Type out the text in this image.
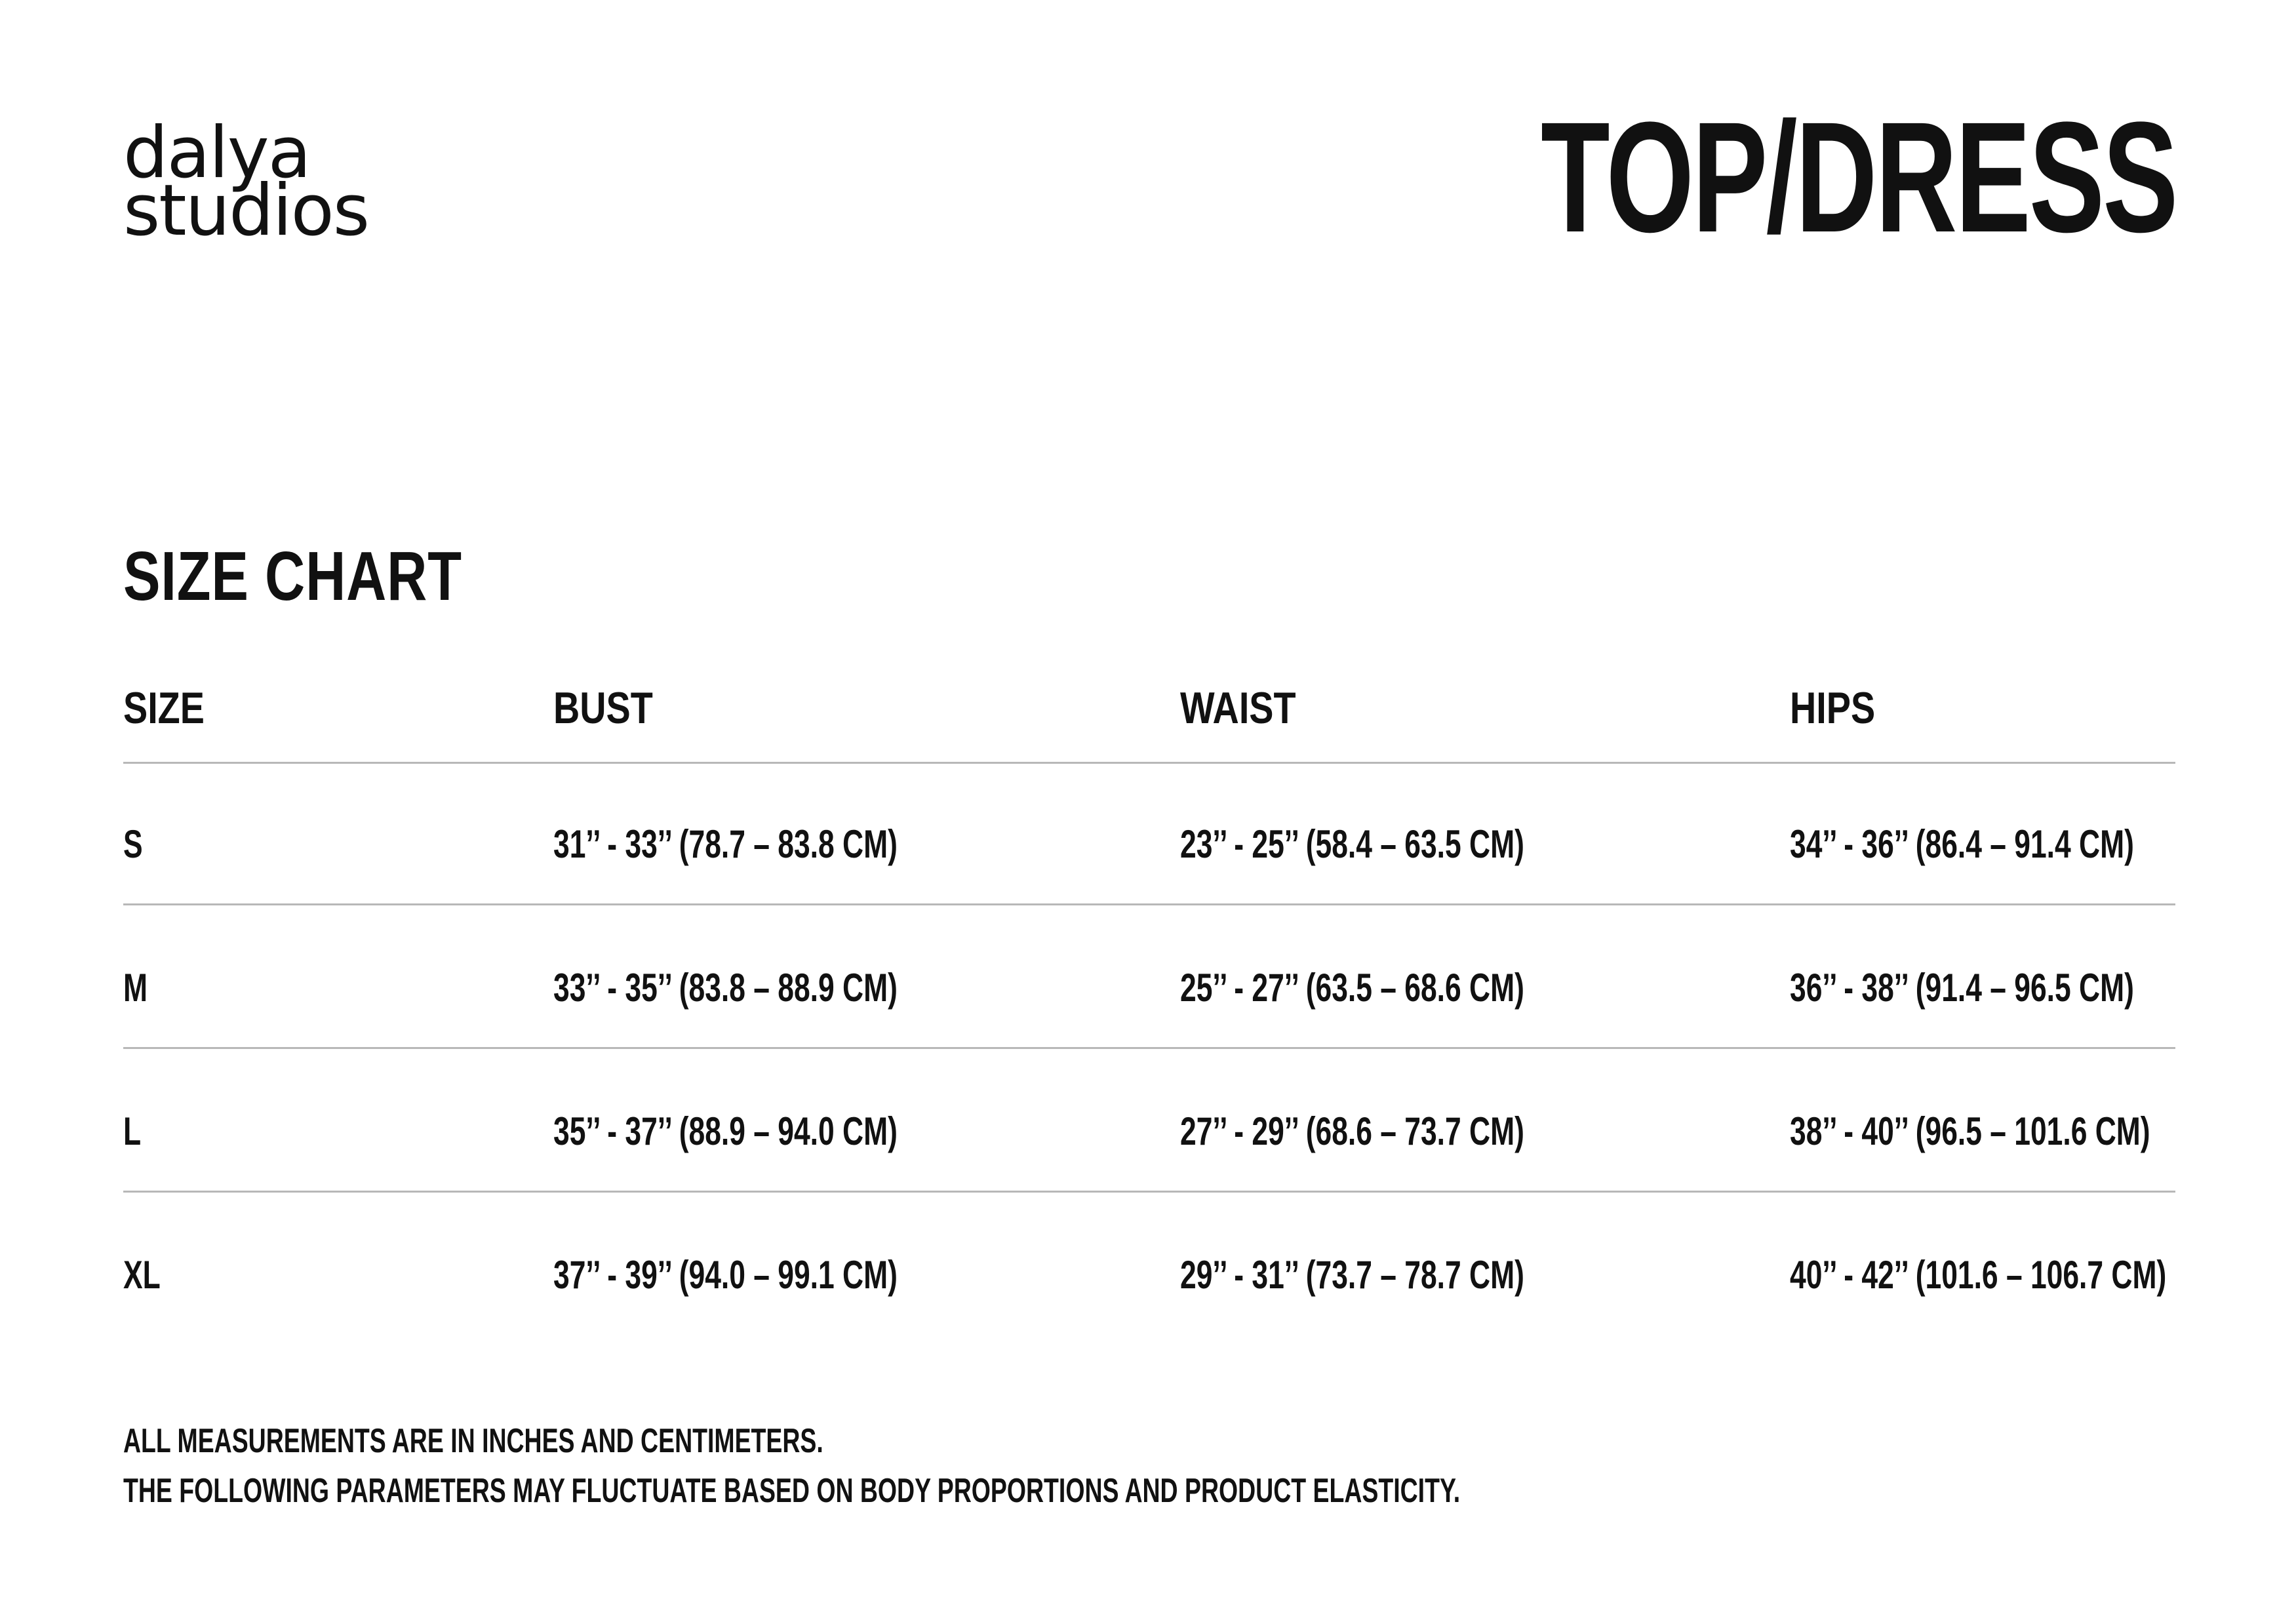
dalya
studios	TOP/DRESS
SIZE CHART
SIZE	BUST	WAIST	HIPS
S	31’’ - 33’’ (78.7 – 83.8 CM)	23’’ - 25’’ (58.4 – 63.5 CM)	34’’ - 36’’ (86.4 – 91.4 CM)
M	33’’ - 35’’ (83.8 – 88.9 CM)	25’’ - 27’’ (63.5 – 68.6 CM)	36’’ - 38’’ (91.4 – 96.5 CM)
L	35’’ - 37’’ (88.9 – 94.0 CM)	27’’ - 29’’ (68.6 – 73.7 CM)	38’’ - 40’’ (96.5 – 101.6 CM)
XL	37’’ - 39’’ (94.0 – 99.1 CM)	29’’ - 31’’ (73.7 – 78.7 CM)	40’’ - 42’’ (101.6 – 106.7 CM)
ALL MEASUREMENTS ARE IN INCHES AND CENTIMETERS.
THE FOLLOWING PARAMETERS MAY FLUCTUATE BASED ON BODY PROPORTIONS AND PRODUCT ELASTICITY.
